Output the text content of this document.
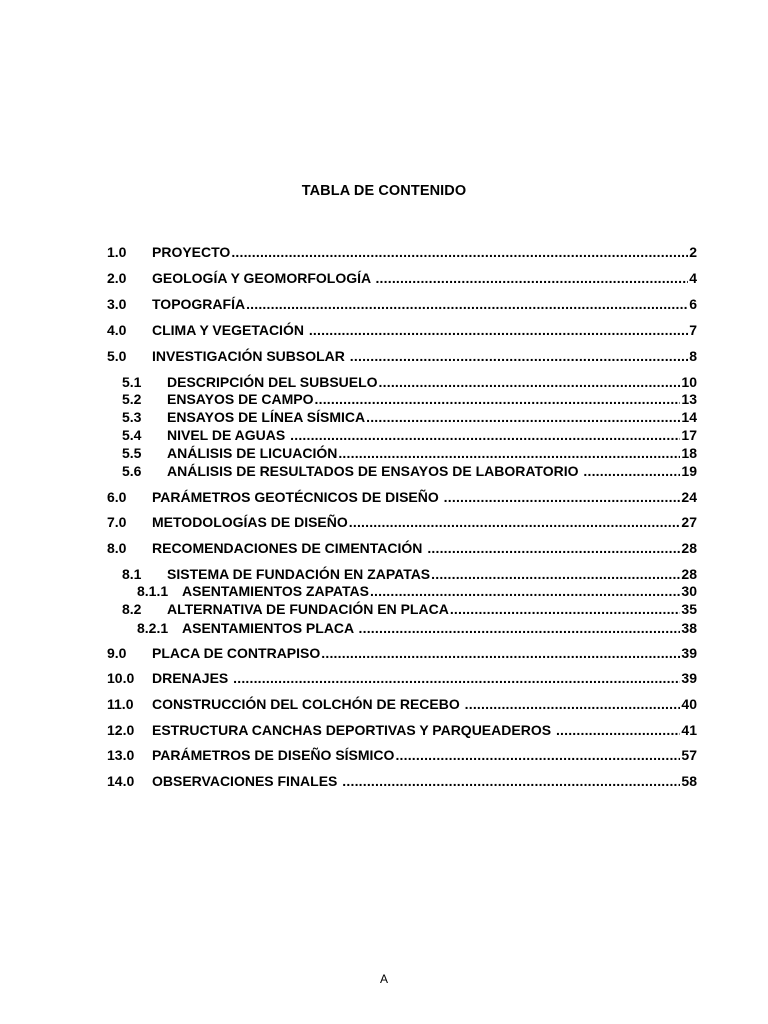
TABLA DE CONTENIDO
1.0	PROYECTO .....	2
2.0	GEOLOGÍA Y GEOMORFOLOGÍA .....	4
3.0	TOPOGRAFÍA .....	6
4.0	CLIMA Y VEGETACIÓN .....	7
5.0	INVESTIGACIÓN SUBSOLAR .....	8
5.1	DESCRIPCIÓN DEL SUBSUELO .....	10
5.2	ENSAYOS DE CAMPO .....	13
5.3	ENSAYOS DE LÍNEA SÍSMICA .....	14
5.4	NIVEL DE AGUAS .....	17
5.5	ANÁLISIS DE LICUACIÓN .....	18
5.6	ANÁLISIS DE RESULTADOS DE ENSAYOS DE LABORATORIO .....	19
6.0	PARÁMETROS GEOTÉCNICOS DE DISEÑO .....	24
7.0	METODOLOGÍAS DE DISEÑO .....	27
8.0	RECOMENDACIONES DE CIMENTACIÓN .....	28
8.1	SISTEMA DE FUNDACIÓN EN ZAPATAS .....	28
8.1.1 ASENTAMIENTOS ZAPATAS .....	30
8.2	ALTERNATIVA DE FUNDACIÓN EN PLACA .....	35
8.2.1 ASENTAMIENTOS PLACA .....	38
9.0	PLACA DE CONTRAPISO .....	39
10.0	DRENAJES .....	39
11.0	CONSTRUCCIÓN DEL COLCHÓN DE RECEBO .....	40
12.0	ESTRUCTURA CANCHAS DEPORTIVAS Y PARQUEADEROS .....	41
13.0	PARÁMETROS DE DISEÑO SÍSMICO .....	57
14.0	OBSERVACIONES FINALES .....	58
A
